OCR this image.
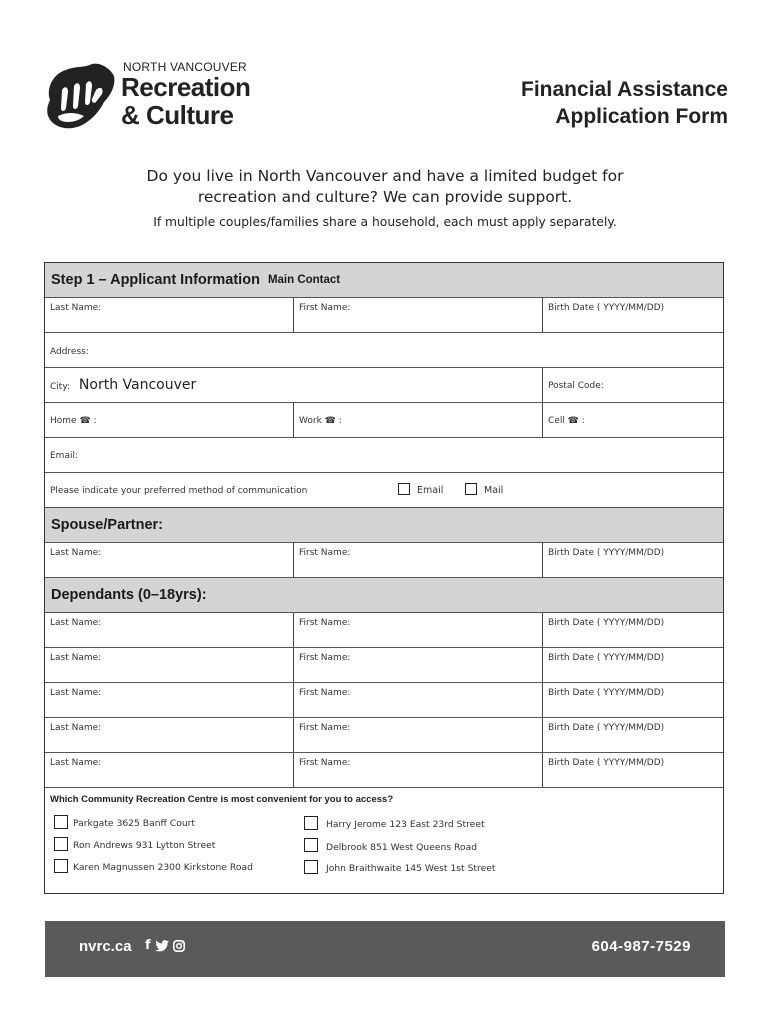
NORTH VANCOUVER
Recreation
& Culture
Financial Assistance
Application Form
Do you live in North Vancouver and have a limited budget for
recreation and culture? We can provide support.
If multiple couples/families share a household, each must apply separately.
Step 1 – Applicant Information Main Contact
Last Name:	First Name:	Birth Date ( YYYY/MM/DD)
Address:
City: North Vancouver	Postal Code:
Home ☎ :	Work ☎ :	Cell ☎ :
Email:
Please indicate your preferred method of communication	Email	Mail
Spouse/Partner:
Last Name:	First Name:	Birth Date ( YYYY/MM/DD)
Dependants (0–18yrs):
Last Name:	First Name:	Birth Date ( YYYY/MM/DD)
Last Name:	First Name:	Birth Date ( YYYY/MM/DD)
Last Name:	First Name:	Birth Date ( YYYY/MM/DD)
Last Name:	First Name:	Birth Date ( YYYY/MM/DD)
Last Name:	First Name:	Birth Date ( YYYY/MM/DD)
Which Community Recreation Centre is most convenient for you to access?
Parkgate 3625 Banff Court
Ron Andrews 931 Lytton Street
Karen Magnussen 2300 Kirkstone Road
Harry Jerome 123 East 23rd Street
Delbrook 851 West Queens Road
John Braithwaite 145 West 1st Street
nvrc.ca f	604-987-7529
